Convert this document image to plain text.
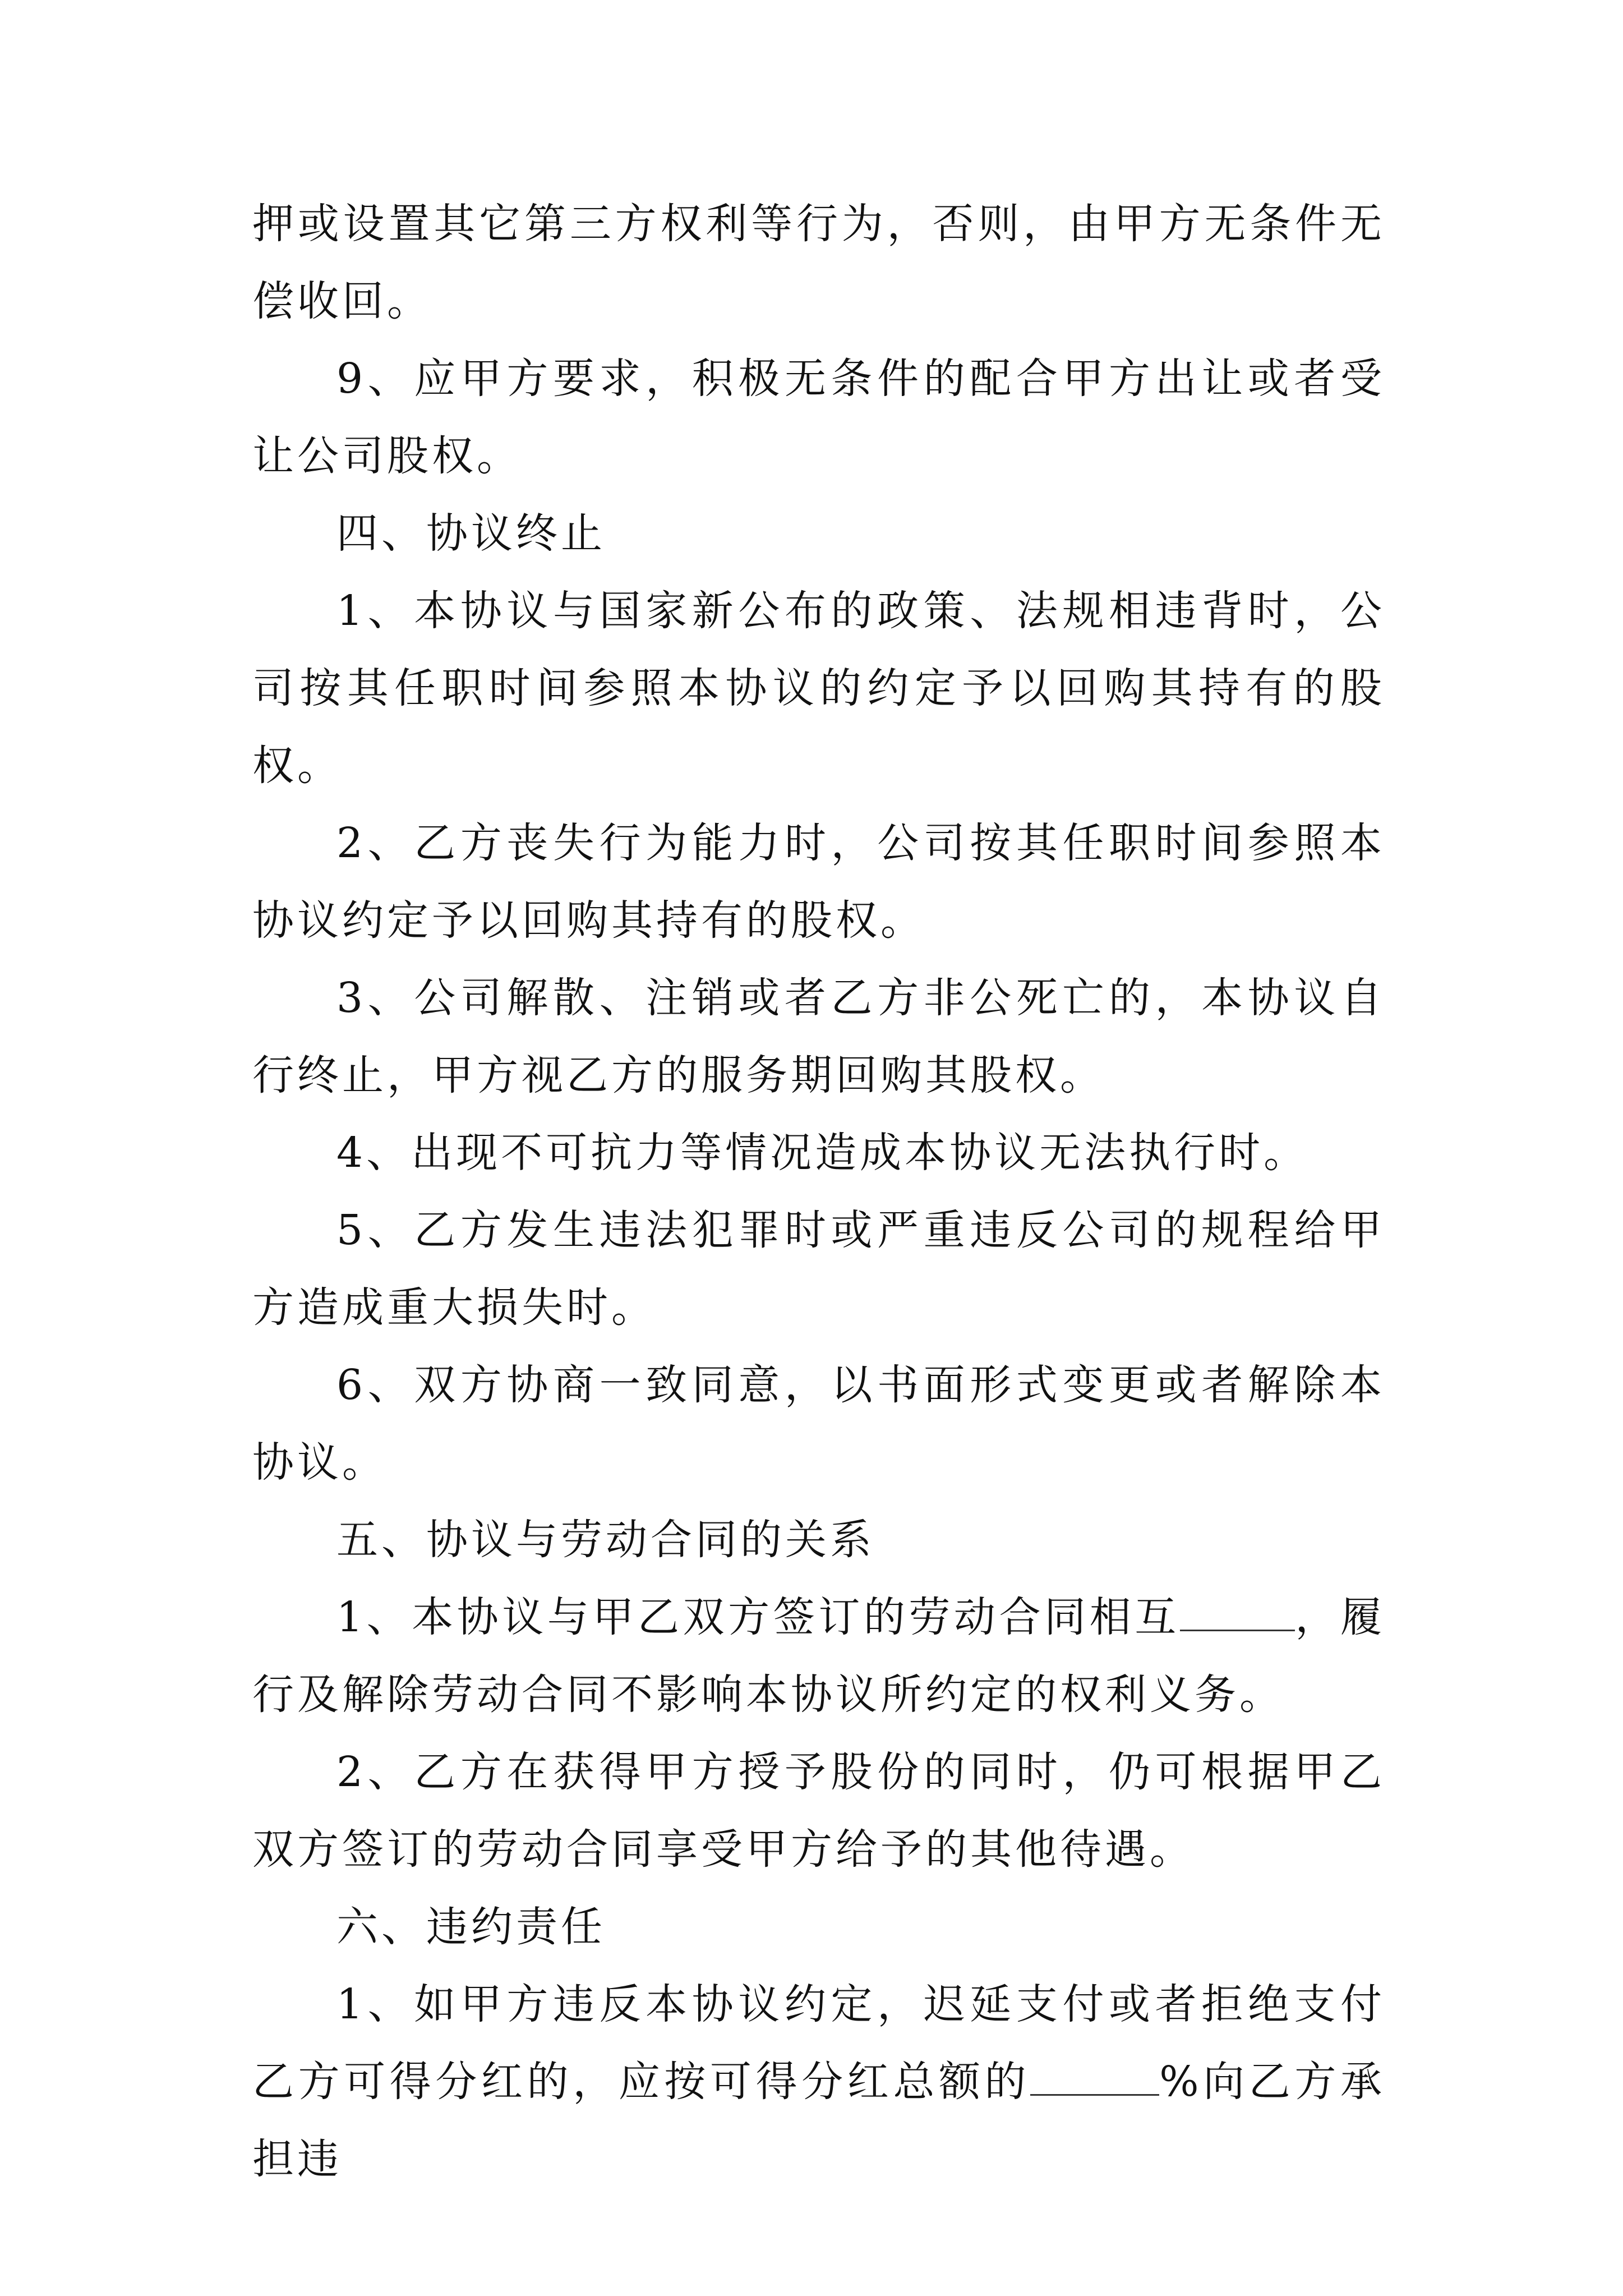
押或设置其它第三方权利等行为，否则，由甲方无条件无偿收回。

9、应甲方要求，积极无条件的配合甲方出让或者受让公司股权。

四、协议终止

1、本协议与国家新公布的政策、法规相违背时，公司按其任职时间参照本协议的约定予以回购其持有的股权。

2、乙方丧失行为能力时，公司按其任职时间参照本协议约定予以回购其持有的股权。

3、公司解散、注销或者乙方非公死亡的，本协议自行终止，甲方视乙方的服务期回购其股权。

4、出现不可抗力等情况造成本协议无法执行时。

5、乙方发生违法犯罪时或严重违反公司的规程给甲方造成重大损失时。

6、双方协商一致同意，以书面形式变更或者解除本协议。

五、协议与劳动合同的关系

1、本协议与甲乙双方签订的劳动合同相互	，履行及解除劳动合同不影响本协议所约定的权利义务。

2、乙方在获得甲方授予股份的同时，仍可根据甲乙双方签订的劳动合同享受甲方给予的其他待遇。

六、违约责任

1、如甲方违反本协议约定，迟延支付或者拒绝支付乙方可得分红的，应按可得分红总额的	%向乙方承担违
